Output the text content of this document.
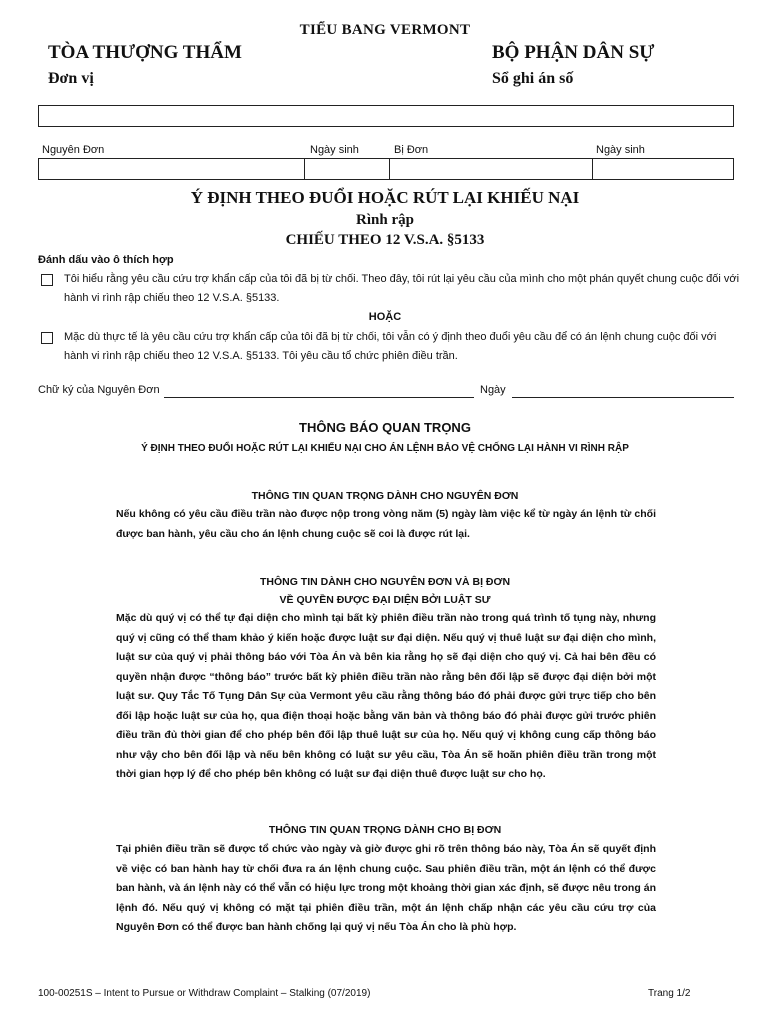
TIỂU BANG VERMONT
TÒA THƯỢNG THẨM
Đơn vị
BỘ PHẬN DÂN SỰ
Sổ ghi án số
Nguyên Đơn	Ngày sinh	Bị Đơn	Ngày sinh
Ý ĐỊNH THEO ĐUỔI HOẶC RÚT LẠI KHIẾU NẠI
Rình rập
CHIẾU THEO 12 V.S.A. §5133
Đánh dấu vào ô thích hợp
Tôi hiểu rằng yêu cầu cứu trợ khẩn cấp của tôi đã bị từ chối. Theo đây, tôi rút lại yêu cầu của mình cho một phán quyết chung cuộc đối với hành vi rình rập chiếu theo 12 V.S.A. §5133.
HOẶC
Mặc dù thực tế là yêu cầu cứu trợ khẩn cấp của tôi đã bị từ chối, tôi vẫn có ý định theo đuổi yêu cầu để có án lệnh chung cuộc đối với hành vi rình rập chiếu theo 12 V.S.A. §5133. Tôi yêu cầu tổ chức phiên điều trần.
Chữ ký của Nguyên Đơn	Ngày
THÔNG BÁO QUAN TRỌNG
Ý ĐỊNH THEO ĐUỔI HOẶC RÚT LẠI KHIẾU NẠI CHO ÁN LỆNH BẢO VỆ CHỐNG LẠI HÀNH VI RÌNH RẬP
THÔNG TIN QUAN TRỌNG DÀNH CHO NGUYÊN ĐƠN
Nếu không có yêu cầu điều trần nào được nộp trong vòng năm (5) ngày làm việc kể từ ngày án lệnh từ chối được ban hành, yêu cầu cho án lệnh chung cuộc sẽ coi là được rút lại.
THÔNG TIN DÀNH CHO NGUYÊN ĐƠN VÀ BỊ ĐƠN
VỀ QUYỀN ĐƯỢC ĐẠI DIỆN BỞI LUẬT SƯ
Mặc dù quý vị có thể tự đại diện cho mình tại bất kỳ phiên điều trần nào trong quá trình tố tụng này, nhưng quý vị cũng có thể tham khảo ý kiến hoặc được luật sư đại diện. Nếu quý vị thuê luật sư đại diện cho mình, luật sư của quý vị phải thông báo với Tòa Án và bên kia rằng họ sẽ đại diện cho quý vị. Cả hai bên đều có quyền nhận được “thông báo” trước bất kỳ phiên điều trần nào rằng bên đối lập sẽ được đại diện bởi một luật sư. Quy Tắc Tố Tụng Dân Sự của Vermont yêu cầu rằng thông báo đó phải được gửi trực tiếp cho bên đối lập hoặc luật sư của họ, qua điện thoại hoặc bằng văn bản và thông báo đó phải được gửi trước phiên điều trần đủ thời gian để cho phép bên đối lập thuê luật sư của họ. Nếu quý vị không cung cấp thông báo như vậy cho bên đối lập và nếu bên không có luật sư yêu cầu, Tòa Án sẽ hoãn phiên điều trần trong một thời gian hợp lý để cho phép bên không có luật sư đại diện thuê được luật sư cho họ.
THÔNG TIN QUAN TRỌNG DÀNH CHO BỊ ĐƠN
Tại phiên điều trần sẽ được tổ chức vào ngày và giờ được ghi rõ trên thông báo này, Tòa Án sẽ quyết định về việc có ban hành hay từ chối đưa ra án lệnh chung cuộc. Sau phiên điều trần, một án lệnh có thể được ban hành, và án lệnh này có thể vẫn có hiệu lực trong một khoảng thời gian xác định, sẽ được nêu trong án lệnh đó. Nếu quý vị không có mặt tại phiên điều trần, một án lệnh chấp nhận các yêu cầu cứu trợ của Nguyên Đơn có thể được ban hành chống lại quý vị nếu Tòa Án cho là phù hợp.
100-00251S – Intent to Pursue or Withdraw Complaint – Stalking (07/2019)	Trang 1/2
